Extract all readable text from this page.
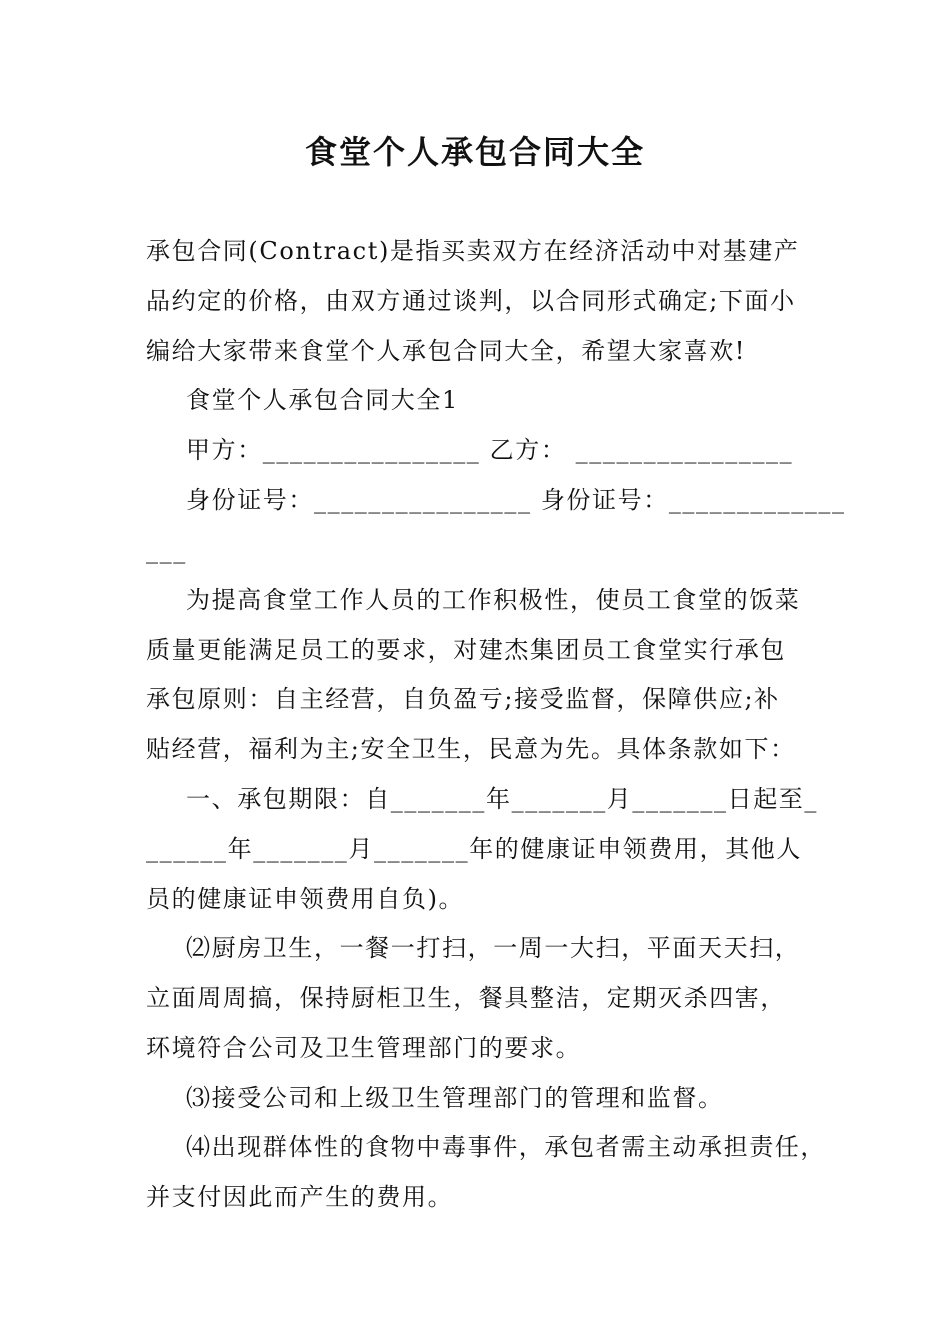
食堂个人承包合同大全
承包合同(Contract)是指买卖双方在经济活动中对基建产
品约定的价格，由双方通过谈判，以合同形式确定;下面小
编给大家带来食堂个人承包合同大全，希望大家喜欢!
食堂个人承包合同大全1
甲方：________________ 乙方： ________________
身份证号：________________ 身份证号：_____________
___
为提高食堂工作人员的工作积极性，使员工食堂的饭菜
质量更能满足员工的要求，对建杰集团员工食堂实行承包
承包原则：自主经营，自负盈亏;接受监督，保障供应;补
贴经营，福利为主;安全卫生，民意为先。具体条款如下：
一、承包期限：自_______年_______月_______日起至_
______年_______月_______年的健康证申领费用，其他人
员的健康证申领费用自负)。
⑵厨房卫生，一餐一打扫，一周一大扫，平面天天扫，
立面周周搞，保持厨柜卫生，餐具整洁，定期灭杀四害，
环境符合公司及卫生管理部门的要求。
⑶接受公司和上级卫生管理部门的管理和监督。
⑷出现群体性的食物中毒事件，承包者需主动承担责任，
并支付因此而产生的费用。
